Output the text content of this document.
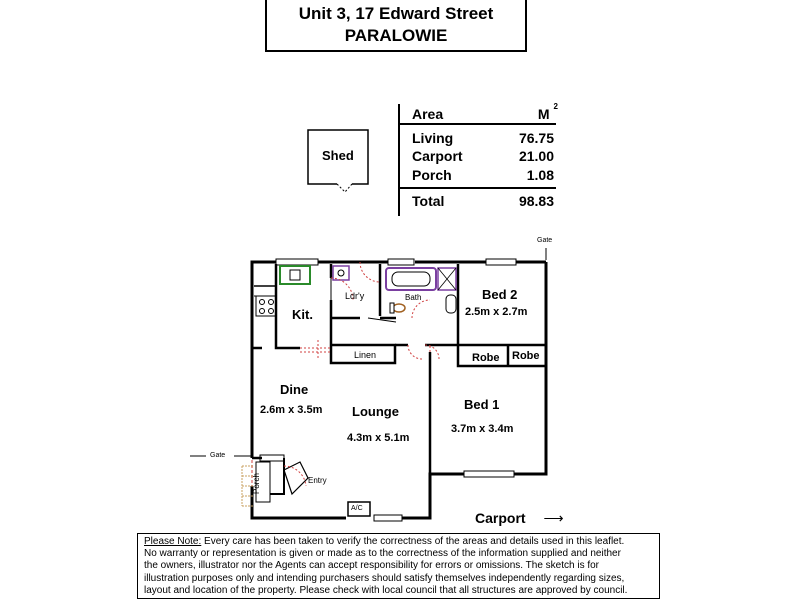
Unit 3, 17 Edward Street
PARALOWIE
Area	M $^2$
Living	76.75
Carport	21.00
Porch	1.08
Total	98.83
Shed
Gate
Gate
Ldr'y	Bath	Bed 2
2.5m x 2.7m
Kit.
Linen	Robe Robe
Dine
2.6m x 3.5m Lounge
4.3m x 5.1m
Bed 1
3.7m x 3.4m
Entry
Porch
A/C
Carport ⟶
Please Note: Every care has been taken to verify the correctness of the areas and details used in this leaflet.
No warranty or representation is given or made as to the correctness of the information supplied and neither
the owners, illustrator nor the Agents can accept responsibility for errors or omissions. The sketch is for
illustration purposes only and intending purchasers should satisfy themselves independently regarding sizes,
layout and location of the property. Please check with local council that all structures are approved by council.
